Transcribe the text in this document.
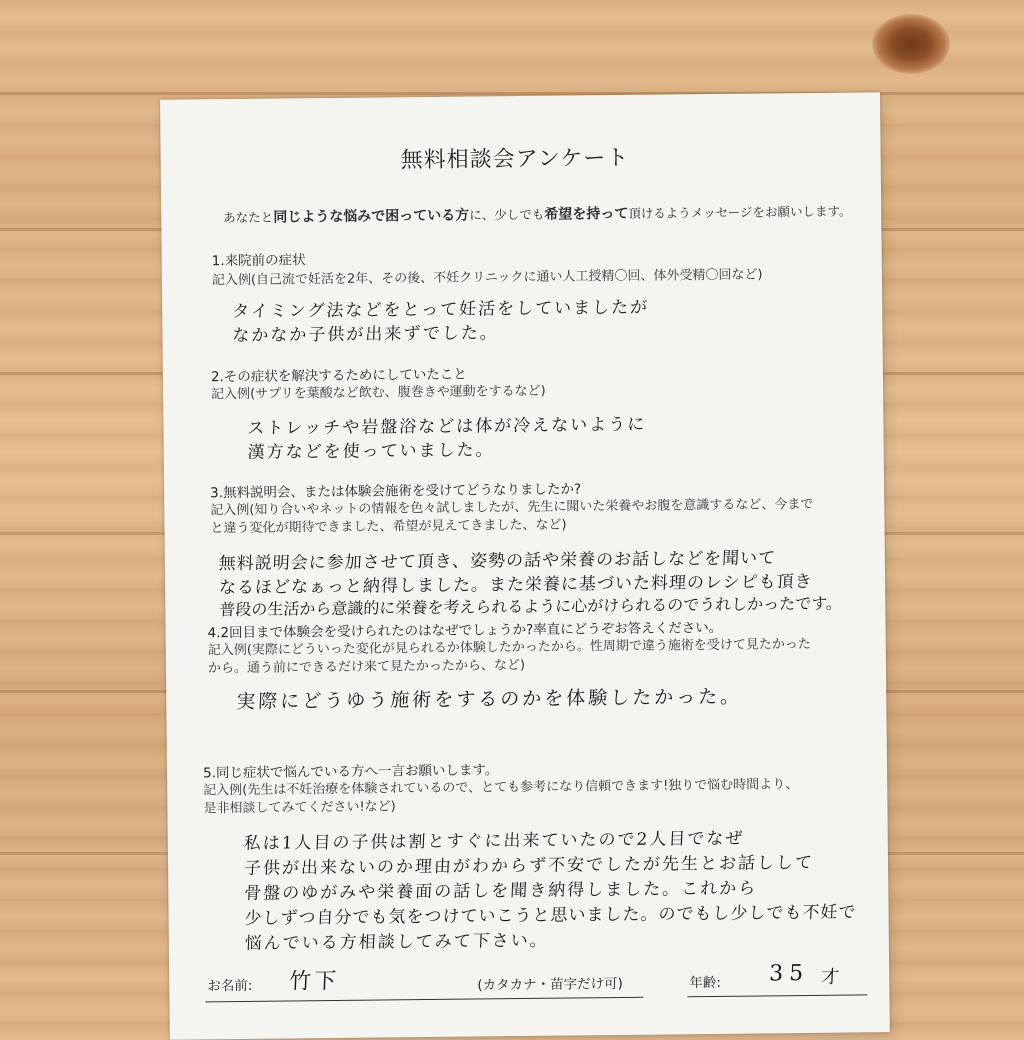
無料相談会アンケート
あなたと同じような悩みで困っている方に、少しでも希望を持って頂けるようメッセージをお願いします。
1.来院前の症状
記入例(自己流で妊活を2年、その後、不妊クリニックに通い人工授精〇回、体外受精〇回など)
タイミング法などをとって妊活をしていましたが
なかなか子供が出来ずでした。
2.その症状を解決するためにしていたこと
記入例(サプリを葉酸など飲む、腹巻きや運動をするなど)
ストレッチや岩盤浴などは体が冷えないように
漢方などを使っていました。
3.無料説明会、または体験会施術を受けてどうなりましたか?
記入例(知り合いやネットの情報を色々試しましたが、先生に聞いた栄養やお腹を意識するなど、今まで
と違う変化が期待できました、希望が見えてきました、など)
無料説明会に参加させて頂き、姿勢の話や栄養のお話しなどを聞いて
なるほどなぁっと納得しました。また栄養に基づいた料理のレシピも頂き
普段の生活から意識的に栄養を考えられるように心がけられるのでうれしかったです。
4.2回目まで体験会を受けられたのはなぜでしょうか?率直にどうぞお答えください。
記入例(実際にどういった変化が見られるか体験したかったから。性周期で違う施術を受けて見たかった
から。通う前にできるだけ来て見たかったから、など)
実際にどうゆう施術をするのかを体験したかった。
5.同じ症状で悩んでいる方へ一言お願いします。
記入例(先生は不妊治療を体験されているので、とても参考になり信頼できます!独りで悩む時間より、
是非相談してみてください!など)
私は1人目の子供は割とすぐに出来ていたので2人目でなぜ
子供が出来ないのか理由がわからず不安でしたが先生とお話しして
骨盤のゆがみや栄養面の話しを聞き納得しました。これから
少しずつ自分でも気をつけていこうと思いました。のでもし少しでも不妊で
悩んでいる方相談してみて下さい。
お名前: 竹下	(カタカナ・苗字だけ可)	年齢: 35 才
